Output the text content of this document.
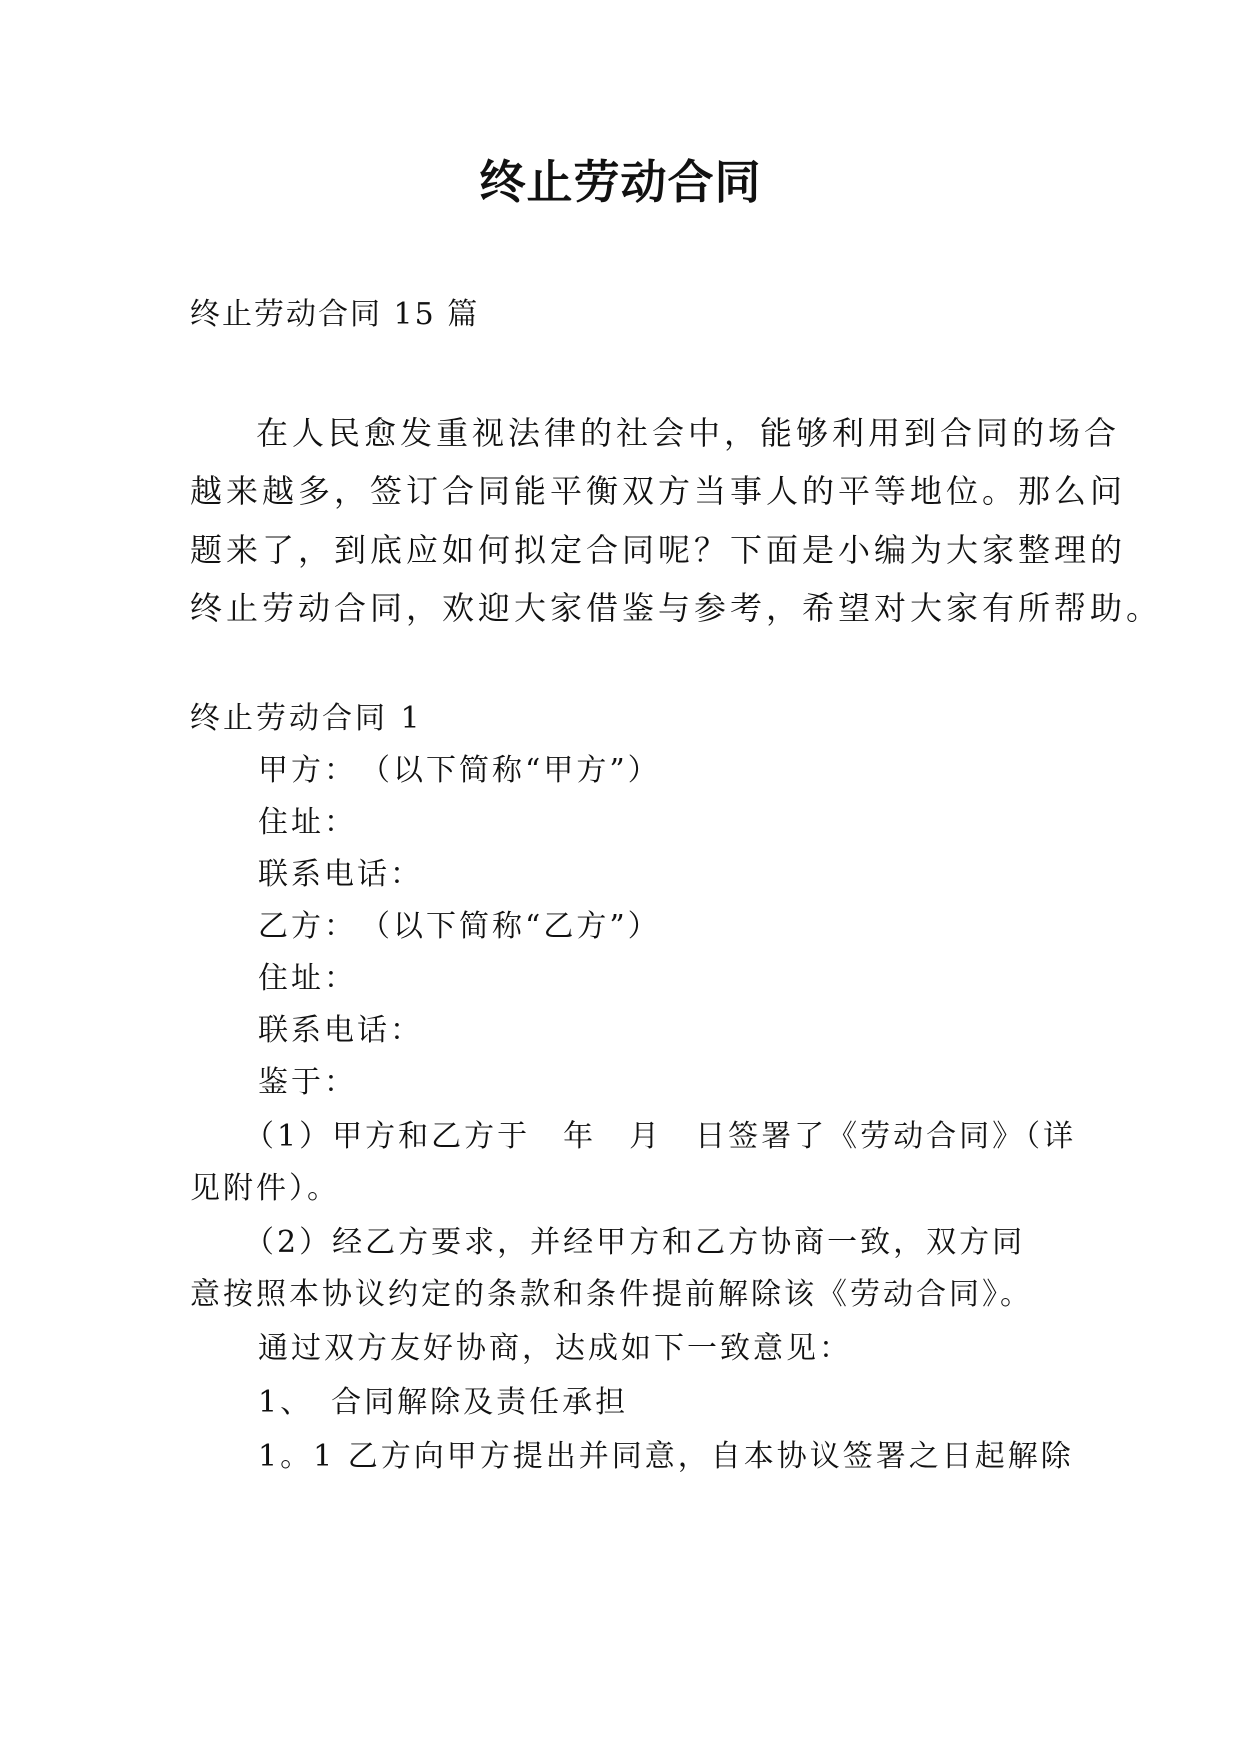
终止劳动合同
终止劳动合同 15 篇
在人民愈发重视法律的社会中，能够利用到合同的场合
越来越多，签订合同能平衡双方当事人的平等地位。那么问
题来了，到底应如何拟定合同呢？下面是小编为大家整理的
终止劳动合同，欢迎大家借鉴与参考，希望对大家有所帮助。
终止劳动合同 1
甲方：　（以下简称“甲方”）
住址：
联系电话：
乙方：　（以下简称“乙方”）
住址：
联系电话：
鉴于：
（1）甲方和乙方于　年　月　日签署了《劳动合同》（详
见附件）。
（2）经乙方要求，并经甲方和乙方协商一致，双方同
意按照本协议约定的条款和条件提前解除该《劳动合同》。
通过双方友好协商，达成如下一致意见：
1、　合同解除及责任承担
1。1 乙方向甲方提出并同意，自本协议签署之日起解除
